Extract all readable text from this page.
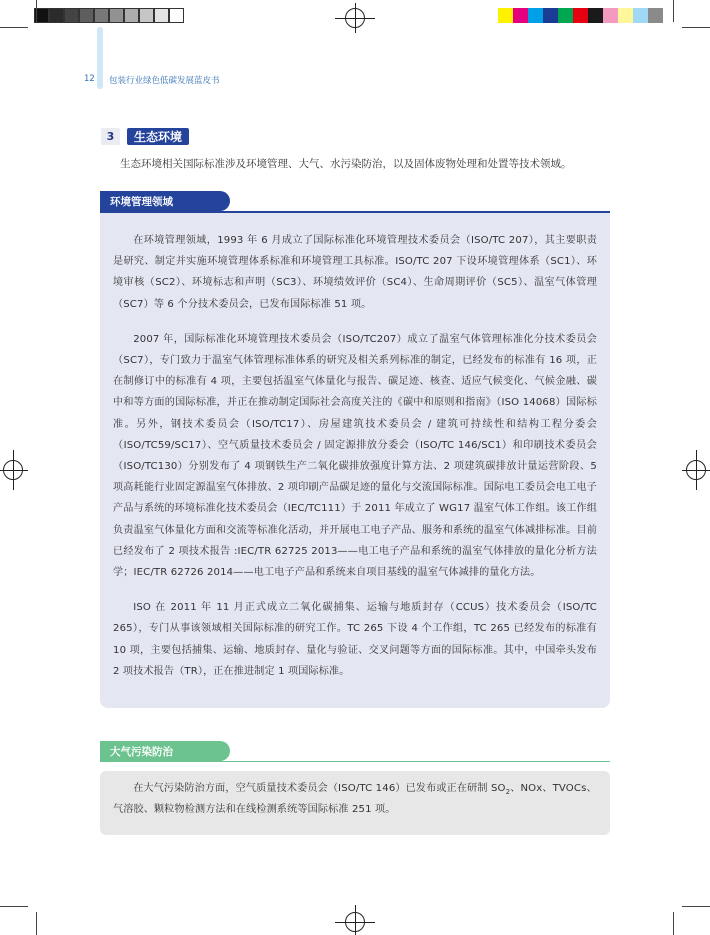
12 包装行业绿色低碳发展蓝皮书
3	生态环境
生态环境相关国际标准涉及环境管理、大气、水污染防治，以及固体废物处理和处置等技术领域。
环境管理领域

在环境管理领域，1993 年 6 月成立了国际标准化环境管理技术委员会（ISO/TC 207），其主要职责是研究、制定并实施环境管理体系标准和环境管理工具标准。ISO/TC 207 下设环境管理体系（SC1）、环境审核（SC2）、环境标志和声明（SC3）、环境绩效评价（SC4）、生命周期评价（SC5）、温室气体管理（SC7）等 6 个分技术委员会，已发布国际标准 51 项。

2007 年，国际标准化环境管理技术委员会（ISO/TC207）成立了温室气体管理标准化分技术委员会（SC7），专门致力于温室气体管理标准体系的研究及相关系列标准的制定，已经发布的标准有 16 项，正在制修订中的标准有 4 项，主要包括温室气体量化与报告、碳足迹、核查、适应气候变化、气候金融、碳中和等方面的国际标准，并正在推动制定国际社会高度关注的《碳中和原则和指南》（ISO 14068）国际标准。另外，钢技术委员会（ISO/TC17）、房屋建筑技术委员会 / 建筑可持续性和结构工程分委会（ISO/TC59/SC17）、空气质量技术委员会 / 固定源排放分委会（ISO/TC 146/SC1）和印刷技术委员会（ISO/TC130）分别发布了 4 项钢铁生产二氧化碳排放强度计算方法、2 项建筑碳排放计量运营阶段、5 项高耗能行业固定源温室气体排放、2 项印刷产品碳足迹的量化与交流国际标准。国际电工委员会电工电子产品与系统的环境标准化技术委员会（IEC/TC111）于 2011 年成立了 WG17 温室气体工作组。该工作组负责温室气体量化方面和交流等标准化活动，并开展电工电子产品、服务和系统的温室气体减排标准。目前已经发布了 2 项技术报告 :IEC/TR 62725 2013——电工电子产品和系统的温室气体排放的量化分析方法学；IEC/TR 62726 2014——电工电子产品和系统来自项目基线的温室气体减排的量化方法。

ISO 在 2011 年 11 月正式成立二氧化碳捕集、运输与地质封存（CCUS）技术委员会（ISO/TC 265），专门从事该领域相关国际标准的研究工作。TC 265 下设 4 个工作组，TC 265 已经发布的标准有 10 项，主要包括捕集、运输、地质封存、量化与验证、交叉问题等方面的国际标准。其中，中国牵头发布 2 项技术报告（TR），正在推进制定 1 项国际标准。

大气污染防治

在大气污染防治方面，空气质量技术委员会（ISO/TC 146）已发布或正在研制 $SO_2$、NOx、TVOCs、气溶胶、颗粒物检测方法和在线检测系统等国际标准 251 项。
